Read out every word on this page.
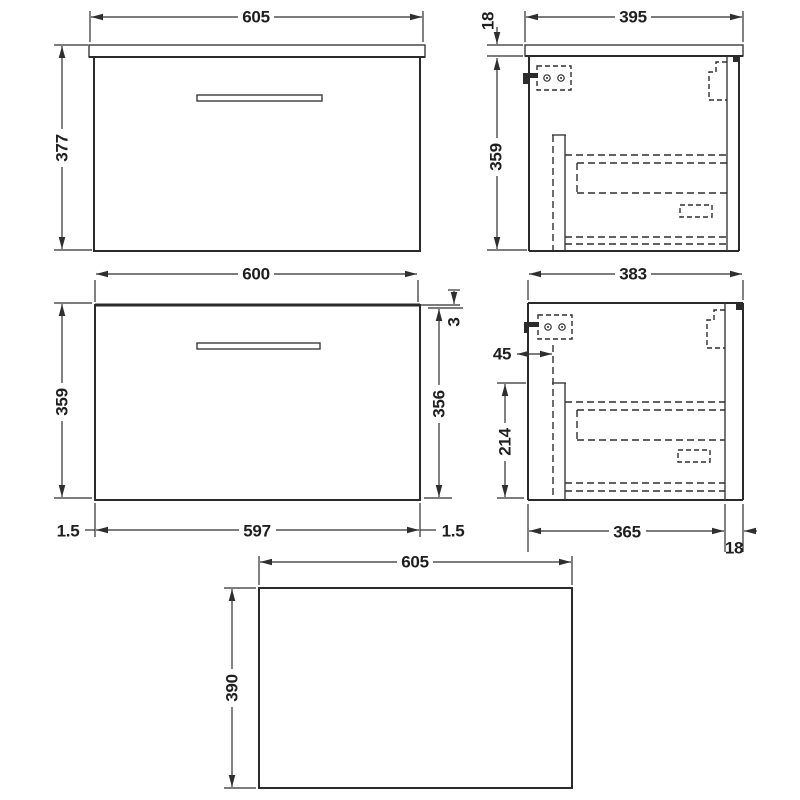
605
377
395
18
359
600
359
3
356
597
1.5	1.5
383
45
214
365
18
605
390
